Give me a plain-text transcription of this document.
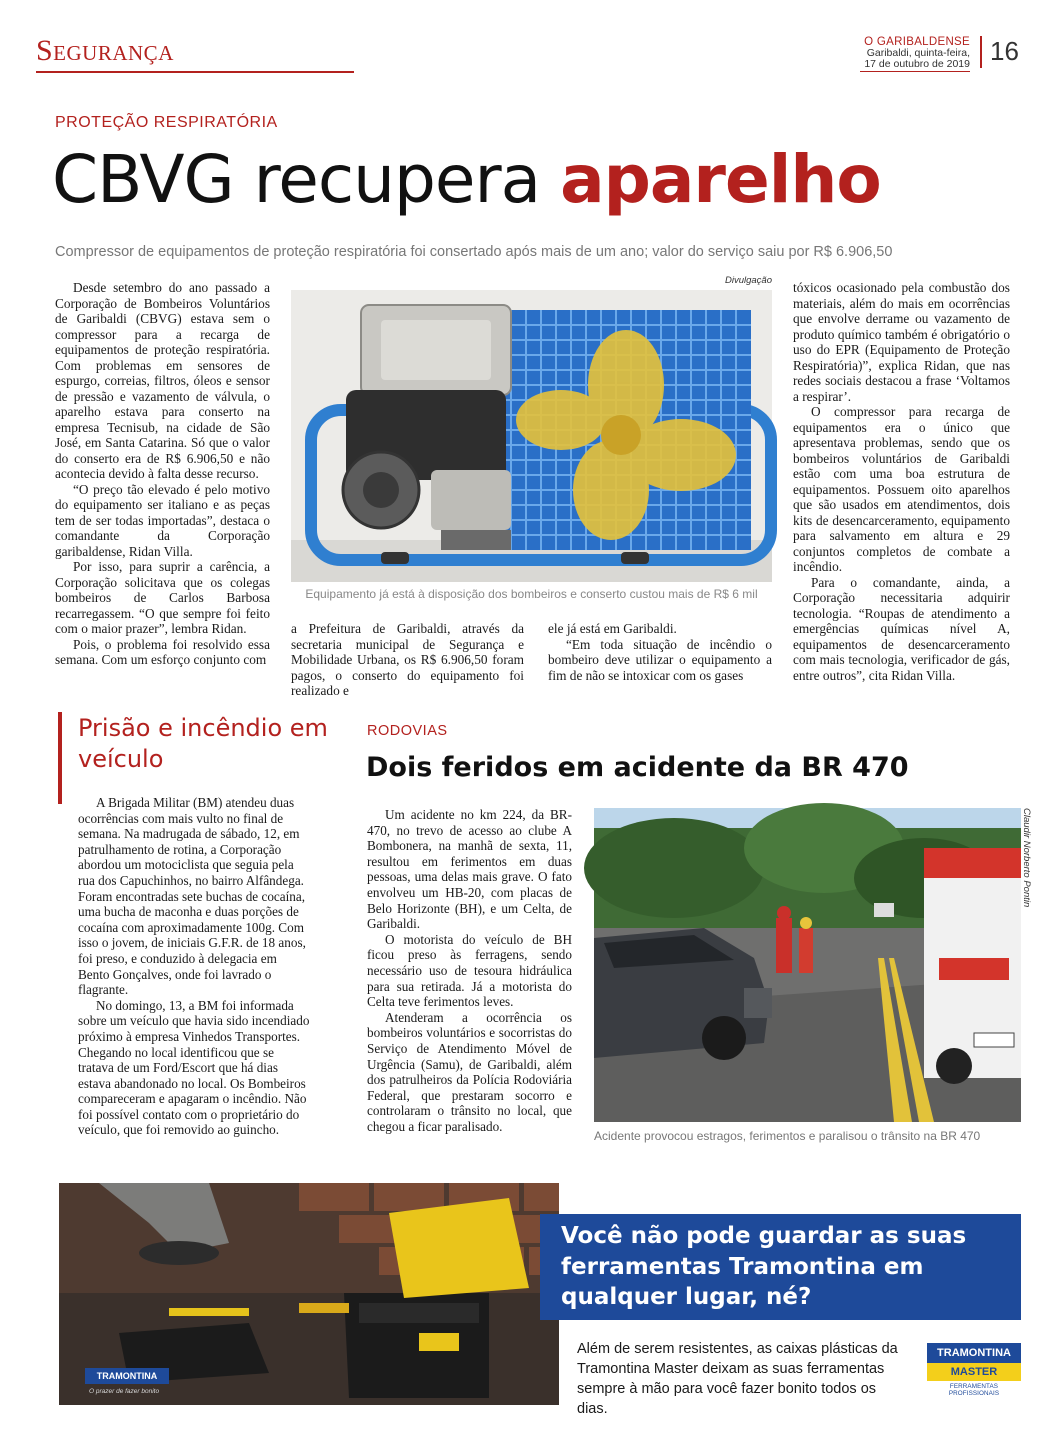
Segurança	O GARIBALDENSE
Garibaldi, quinta-feira,
17 de outubro de 2019 16
PROTEÇÃO RESPIRATÓRIA
CBVG recupera aparelho
Compressor de equipamentos de proteção respiratória foi consertado após mais de um ano; valor do serviço saiu por R$ 6.906,50

Desde setembro do ano passado a Corporação de Bombeiros Voluntários de Garibaldi (CBVG) estava sem o compressor para a recarga de equipamentos de proteção respiratória. Com problemas em sensores de espurgo, correias, filtros, óleos e sensor de pressão e vazamento de válvula, o aparelho estava para conserto na empresa Tecnisub, na cidade de São José, em Santa Catarina. Só que o valor do conserto era de R$ 6.906,50 e não acontecia devido à falta desse recurso.

“O preço tão elevado é pelo motivo do equipamento ser italiano e as peças tem de ser todas importadas”, destaca o comandante da Corporação garibaldense, Ridan Villa.

Por isso, para suprir a carência, a Corporação solicitava que os colegas bombeiros de Carlos Barbosa recarregassem. “O que sempre foi feito com o maior prazer”, lembra Ridan.

Pois, o problema foi resolvido essa semana. Com um esforço conjunto com

Divulgação
Equipamento já está à disposição dos bombeiros e conserto custou mais de R$ 6 mil

a Prefeitura de Garibaldi, através da secretaria municipal de Segurança e Mobilidade Urbana, os R$ 6.906,50 foram pagos, o conserto do equipamento foi realizado e

ele já está em Garibaldi.

“Em toda situação de incêndio o bombeiro deve utilizar o equipamento a fim de não se intoxicar com os gases

tóxicos ocasionado pela combustão dos materiais, além do mais em ocorrências que envolve derrame ou vazamento de produto químico também é obrigatório o uso do EPR (Equipamento de Proteção Respiratória)”, explica Ridan, que nas redes sociais destacou a frase ‘Voltamos a respirar’.

O compressor para recarga de equipamentos era o único que apresentava problemas, sendo que os bombeiros voluntários de Garibaldi estão com uma boa estrutura de equipamentos. Possuem oito aparelhos que são usados em atendimentos, dois kits de desencarceramento, equipamento para salvamento em altura e 29 conjuntos completos de combate a incêndio.

Para o comandante, ainda, a Corporação necessitaria adquirir tecnologia. “Roupas de atendimento a emergências químicas nível A, equipamentos de desencarceramento com mais tecnologia, verificador de gás, entre outros”, cita Ridan Villa.

Prisão e incêndio em veículo

A Brigada Militar (BM) atendeu duas ocorrências com mais vulto no final de semana. Na madrugada de sábado, 12, em patrulhamento de rotina, a Corporação abordou um motociclista que seguia pela rua dos Capuchinhos, no bairro Alfândega. Foram encontradas sete buchas de cocaína, uma bucha de maconha e duas porções de cocaína com aproximadamente 100g. Com isso o jovem, de iniciais G.F.R. de 18 anos, foi preso, e conduzido à delegacia em Bento Gonçalves, onde foi lavrado o flagrante.

No domingo, 13, a BM foi informada sobre um veículo que havia sido incendiado próximo à empresa Vinhedos Transportes. Chegando no local identificou que se tratava de um Ford/Escort que há dias estava abandonado no local. Os Bombeiros compareceram e apagaram o incêndio. Não foi possível contato com o proprietário do veículo, que foi removido ao guincho.

RODOVIAS
Dois feridos em acidente da BR 470

Um acidente no km 224, da BR-470, no trevo de acesso ao clube A Bombonera, na manhã de sexta, 11, resultou em ferimentos em duas pessoas, uma delas mais grave. O fato envolveu um HB-20, com placas de Belo Horizonte (BH), e um Celta, de Garibaldi.

O motorista do veículo de BH ficou preso às ferragens, sendo necessário uso de tesoura hidráulica para sua retirada. Já a motorista do Celta teve ferimentos leves.

Atenderam a ocorrência os bombeiros voluntários e socorristas do Serviço de Atendimento Móvel de Urgência (Samu), de Garibaldi, além dos patrulheiros da Polícia Rodoviária Federal, que prestaram socorro e controlaram o trânsito no local, que chegou a ficar paralisado.

Claudir Norberto Pontin
Acidente provocou estragos, ferimentos e paralisou o trânsito na BR 470
TRAMONTINA
O prazer de fazer bonito
Você não pode guardar as suas ferramentas Tramontina em qualquer lugar, né?
Além de serem resistentes, as caixas plásticas da Tramontina Master deixam as suas ferramentas sempre à mão para você fazer bonito todos os dias.
TRAMONTINA
MASTER
FERRAMENTAS PROFISSIONAIS
